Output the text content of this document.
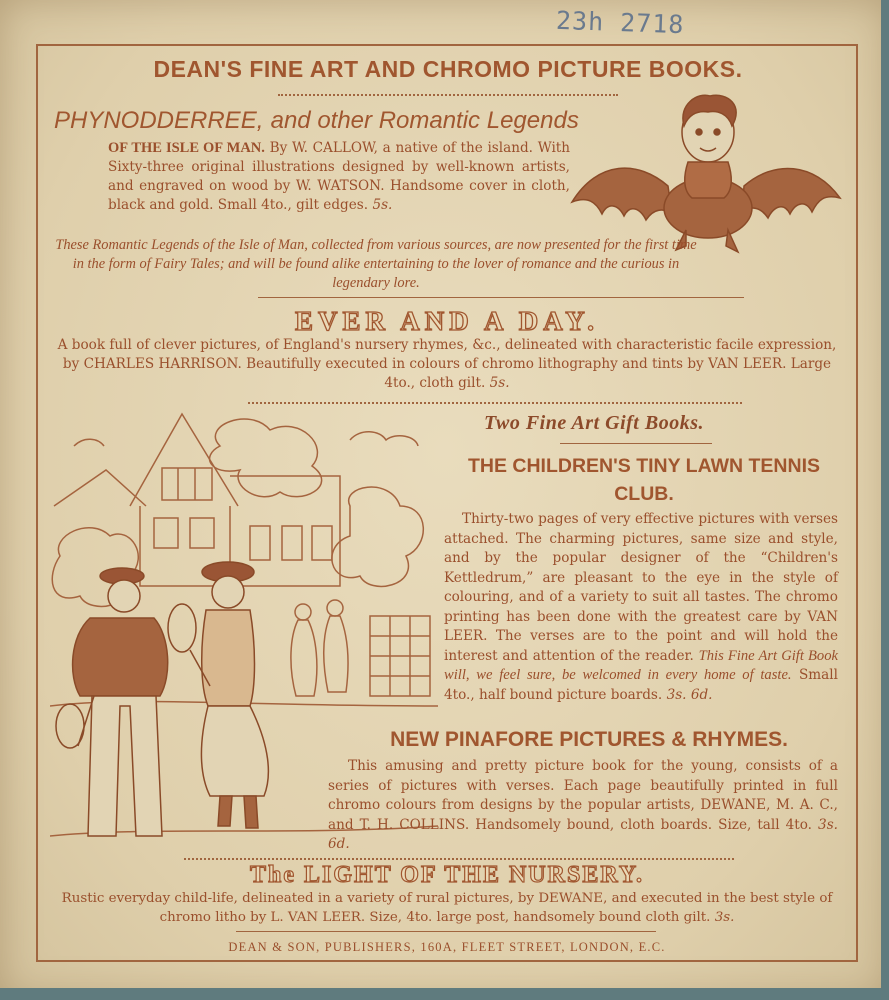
23h 2718
DEAN'S FINE ART AND CHROMO PICTURE BOOKS.
PHYNODDERREE, and other Romantic Legends
OF THE ISLE OF MAN. By W. CALLOW, a native of the island. With Sixty-three original illustrations designed by well-known artists, and engraved on wood by W. WATSON. Handsome cover in cloth, black and gold. Small 4to., gilt edges. 5s.
These Romantic Legends of the Isle of Man, collected from various sources, are now presented for the first time in the form of Fairy Tales; and will be found alike entertaining to the lover of romance and the curious in legendary lore.
EVER AND A DAY.
A book full of clever pictures, of England's nursery rhymes, &c., delineated with characteristic facile expression, by CHARLES HARRISON. Beautifully executed in colours of chromo lithography and tints by VAN LEER. Large 4to., cloth gilt. 5s.
Two Fine Art Gift Books.
THE CHILDREN'S TINY LAWN TENNIS CLUB.
Thirty-two pages of very effective pictures with verses attached. The charming pictures, same size and style, and by the popular designer of the “Children's Kettledrum,” are pleasant to the eye in the style of colouring, and of a variety to suit all tastes. The chromo printing has been done with the greatest care by VAN LEER. The verses are to the point and will hold the interest and attention of the reader. This Fine Art Gift Book will, we feel sure, be welcomed in every home of taste. Small 4to., half bound picture boards. 3s. 6d.
NEW PINAFORE PICTURES & RHYMES.
This amusing and pretty picture book for the young, consists of a series of pictures with verses. Each page beautifully printed in full chromo colours from designs by the popular artists, DEWANE, M. A. C., and T. H. COLLINS. Handsomely bound, cloth boards. Size, tall 4to. 3s. 6d.
The LIGHT OF THE NURSERY.
Rustic everyday child-life, delineated in a variety of rural pictures, by DEWANE, and executed in the best style of chromo litho by L. VAN LEER. Size, 4to. large post, handsomely bound cloth gilt. 3s.
DEAN & SON, PUBLISHERS, 160A, FLEET STREET, LONDON, E.C.
